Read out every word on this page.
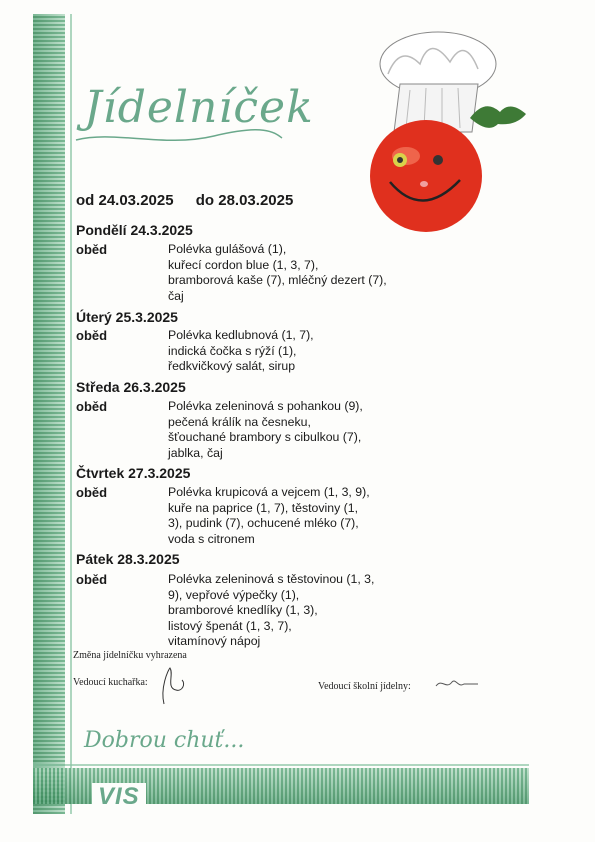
Jídelníček
od 24.03.2025 do 28.03.2025
Pondělí 24.3.2025
oběd	Polévka gulášová (1),
kuřecí cordon blue (1, 3, 7),
bramborová kaše (7), mléčný dezert (7),
čaj
Úterý 25.3.2025
oběd	Polévka kedlubnová (1, 7),
indická čočka s rýží (1),
ředkvičkový salát, sirup
Středa 26.3.2025
oběd	Polévka zeleninová s pohankou (9),
pečená králík na česneku,
šťouchané brambory s cibulkou (7),
jablka, čaj
Čtvrtek 27.3.2025
oběd	Polévka krupicová a vejcem (1, 3, 9),
kuře na paprice (1, 7), těstoviny (1,
3), pudink (7), ochucené mléko (7),
voda s citronem
Pátek 28.3.2025
oběd	Polévka zeleninová s těstovinou (1, 3,
9), vepřové výpečky (1),
bramborové knedlíky (1, 3),
listový špenát (1, 3, 7),
vitamínový nápoj
Změna jídelníčku vyhrazena
Vedoucí kuchařka:	Vedoucí školní jídelny:
Dobrou chuť...
VIS
